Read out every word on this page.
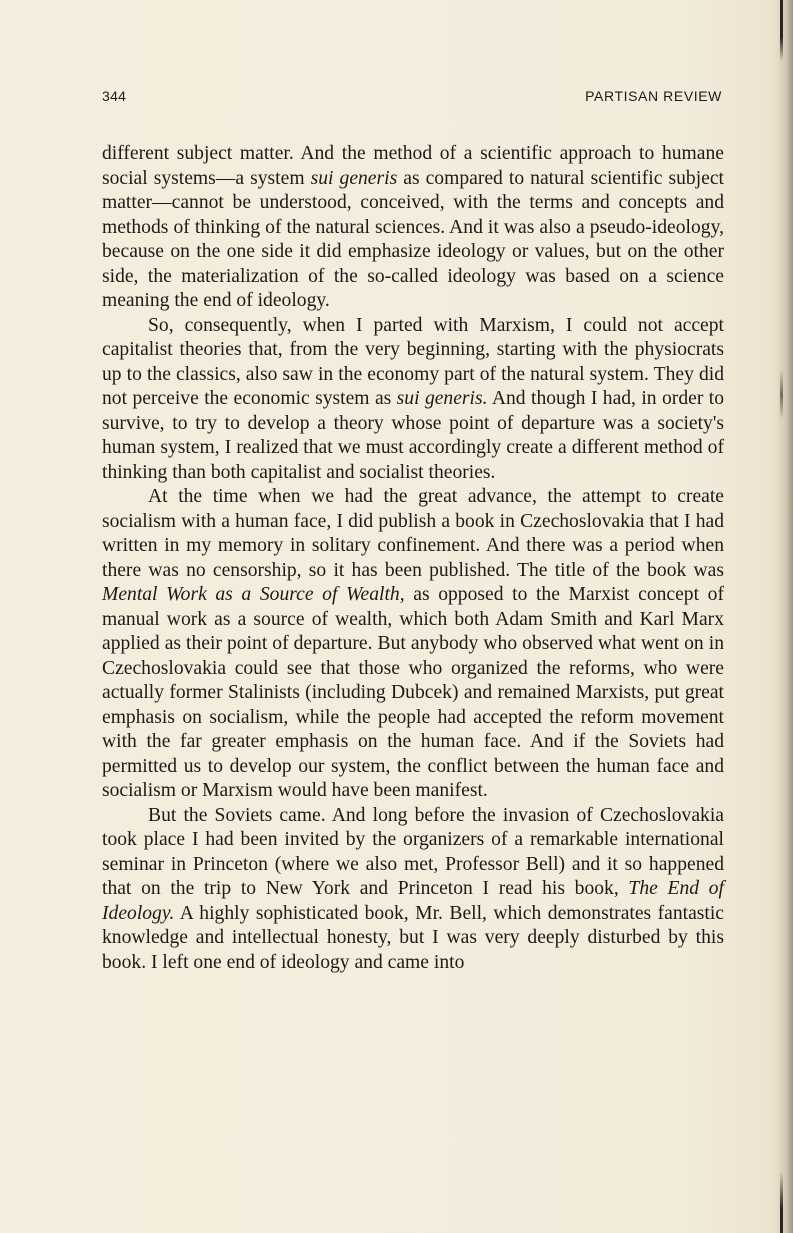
344	PARTISAN REVIEW

different subject matter. And the method of a scientific approach to humane social systems—a system sui generis as compared to natural scientific subject matter—cannot be understood, conceived, with the terms and concepts and methods of thinking of the natural sciences. And it was also a pseudo-ideology, because on the one side it did emphasize ideology or values, but on the other side, the materialization of the so-called ideology was based on a science meaning the end of ideology.

So, consequently, when I parted with Marxism, I could not accept capitalist theories that, from the very beginning, starting with the physiocrats up to the classics, also saw in the economy part of the natural system. They did not perceive the economic system as sui generis. And though I had, in order to survive, to try to develop a theory whose point of departure was a society's human system, I realized that we must accordingly create a different method of thinking than both capitalist and socialist theories.

At the time when we had the great advance, the attempt to create socialism with a human face, I did publish a book in Czechoslovakia that I had written in my memory in solitary confinement. And there was a period when there was no censorship, so it has been published. The title of the book was Mental Work as a Source of Wealth, as opposed to the Marxist concept of manual work as a source of wealth, which both Adam Smith and Karl Marx applied as their point of departure. But anybody who observed what went on in Czechoslovakia could see that those who organized the reforms, who were actually former Stalinists (including Dubcek) and remained Marxists, put great emphasis on socialism, while the people had accepted the reform movement with the far greater emphasis on the human face. And if the Soviets had permitted us to develop our system, the conflict between the human face and socialism or Marxism would have been manifest.

But the Soviets came. And long before the invasion of Czechoslovakia took place I had been invited by the organizers of a remarkable international seminar in Princeton (where we also met, Professor Bell) and it so happened that on the trip to New York and Princeton I read his book, The End of Ideology. A highly sophisticated book, Mr. Bell, which demonstrates fantastic knowledge and intellectual honesty, but I was very deeply disturbed by this book. I left one end of ideology and came into
